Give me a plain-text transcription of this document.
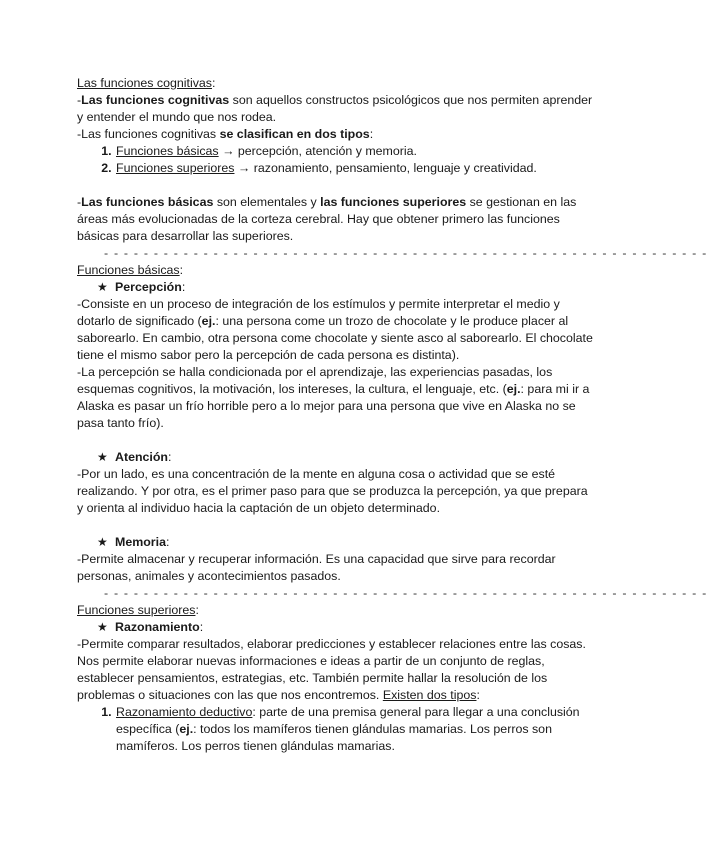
Las funciones cognitivas:

-Las funciones cognitivas son aquellos constructos psicológicos que nos permiten aprender y entender el mundo que nos rodea.

-Las funciones cognitivas se clasifican en dos tipos:

1. Funciones básicas → percepción, atención y memoria.
2. Funciones superiores → razonamiento, pensamiento, lenguaje y creatividad.

-Las funciones básicas son elementales y las funciones superiores se gestionan en las áreas más evolucionadas de la corteza cerebral. Hay que obtener primero las funciones básicas para desarrollar las superiores.

- - - - - - - - - - - - - - - - - - - - - - - - - - - - - - - - - - - - - - - - - - - - - - - - - - - - - - - - - - - - -

Funciones básicas:

★ Percepción:

-Consiste en un proceso de integración de los estímulos y permite interpretar el medio y dotarlo de significado (ej.: una persona come un trozo de chocolate y le produce placer al saborearlo. En cambio, otra persona come chocolate y siente asco al saborearlo. El chocolate tiene el mismo sabor pero la percepción de cada persona es distinta).

-La percepción se halla condicionada por el aprendizaje, las experiencias pasadas, los esquemas cognitivos, la motivación, los intereses, la cultura, el lenguaje, etc. (ej.: para mi ir a Alaska es pasar un frío horrible pero a lo mejor para una persona que vive en Alaska no se pasa tanto frío).

★ Atención:

-Por un lado, es una concentración de la mente en alguna cosa o actividad que se esté realizando. Y por otra, es el primer paso para que se produzca la percepción, ya que prepara y orienta al individuo hacia la captación de un objeto determinado.

★ Memoria:

-Permite almacenar y recuperar información. Es una capacidad que sirve para recordar personas, animales y acontecimientos pasados.

- - - - - - - - - - - - - - - - - - - - - - - - - - - - - - - - - - - - - - - - - - - - - - - - - - - - - - - - - - - - -

Funciones superiores:

★ Razonamiento:

-Permite comparar resultados, elaborar predicciones y establecer relaciones entre las cosas. Nos permite elaborar nuevas informaciones e ideas a partir de un conjunto de reglas, establecer pensamientos, estrategias, etc. También permite hallar la resolución de los problemas o situaciones con las que nos encontremos. Existen dos tipos:

1. Razonamiento deductivo: parte de una premisa general para llegar a una conclusión específica (ej.: todos los mamíferos tienen glándulas mamarias. Los perros son mamíferos. Los perros tienen glándulas mamarias.
